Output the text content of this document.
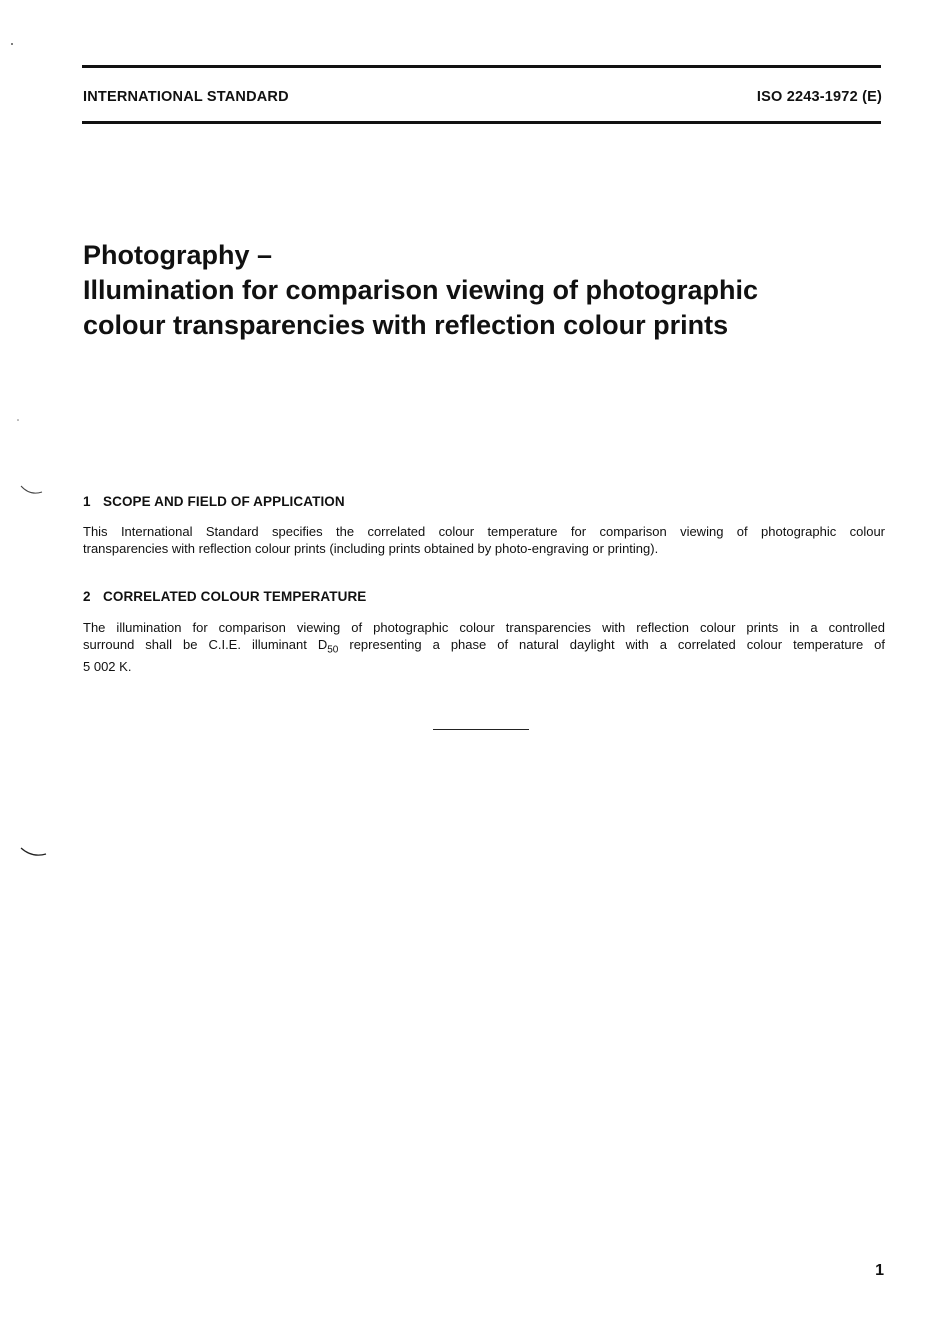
INTERNATIONAL STANDARD	ISO 2243-1972 (E)
Photography –
Illumination for comparison viewing of photographic
colour transparencies with reflection colour prints
1 SCOPE AND FIELD OF APPLICATION
This International Standard specifies the correlated colour temperature for comparison viewing of photographic colour
transparencies with reflection colour prints (including prints obtained by photo-engraving or printing).
2 CORRELATED COLOUR TEMPERATURE
The illumination for comparison viewing of photographic colour transparencies with reflection colour prints in a controlled
surround shall be C.I.E. illuminant $D_{50}$ representing a phase of natural daylight with a correlated colour temperature of
5 002 K.
1
